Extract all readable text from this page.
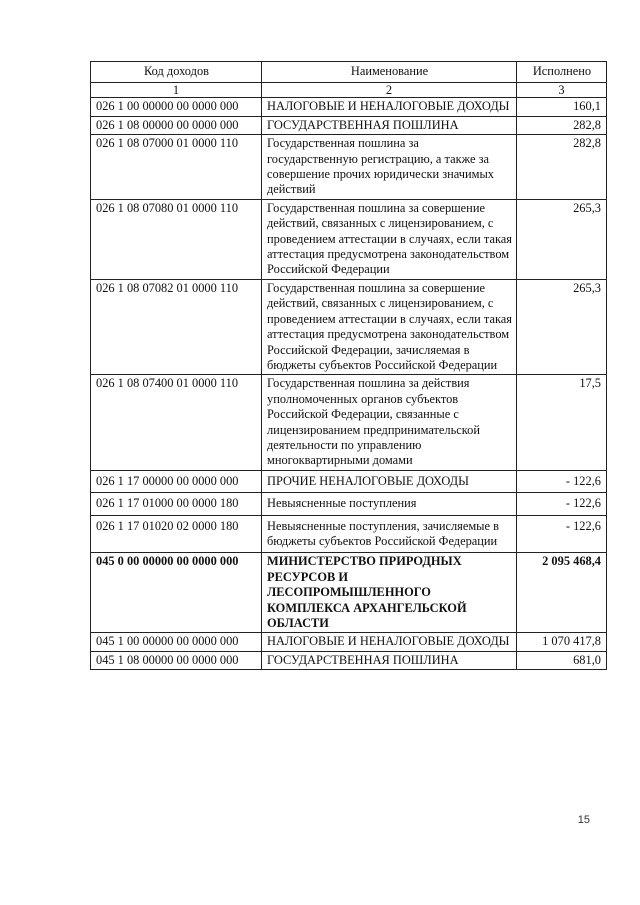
Код доходов	Наименование	Исполнено
1	2	3
026 1 00 00000 00 0000 000	НАЛОГОВЫЕ И НЕНАЛОГОВЫЕ ДОХОДЫ	160,1
026 1 08 00000 00 0000 000	ГОСУДАРСТВЕННАЯ ПОШЛИНА	282,8
026 1 08 07000 01 0000 110	Государственная пошлина за государственную регистрацию, а также за совершение прочих юридически значимых действий	282,8
026 1 08 07080 01 0000 110	Государственная пошлина за совершение действий, связанных с лицензированием, с проведением аттестации в случаях, если такая аттестация предусмотрена законодательством Российской Федерации	265,3
026 1 08 07082 01 0000 110	Государственная пошлина за совершение действий, связанных с лицензированием, с проведением аттестации в случаях, если такая аттестация предусмотрена законодательством Российской Федерации, зачисляемая в бюджеты субъектов Российской Федерации	265,3
026 1 08 07400 01 0000 110	Государственная пошлина за действия уполномоченных органов субъектов Российской Федерации, связанные с лицензированием предпринимательской деятельности по управлению многоквартирными домами	17,5
026 1 17 00000 00 0000 000	ПРОЧИЕ НЕНАЛОГОВЫЕ ДОХОДЫ	- 122,6
026 1 17 01000 00 0000 180	Невыясненные поступления	- 122,6
026 1 17 01020 02 0000 180	Невыясненные поступления, зачисляемые в бюджеты субъектов Российской Федерации	- 122,6
045 0 00 00000 00 0000 000	МИНИСТЕРСТВО ПРИРОДНЫХ РЕСУРСОВ И ЛЕСОПРОМЫШЛЕННОГО КОМПЛЕКСА АРХАНГЕЛЬСКОЙ ОБЛАСТИ	2 095 468,4
045 1 00 00000 00 0000 000	НАЛОГОВЫЕ И НЕНАЛОГОВЫЕ ДОХОДЫ	1 070 417,8
045 1 08 00000 00 0000 000	ГОСУДАРСТВЕННАЯ ПОШЛИНА	681,0
15
